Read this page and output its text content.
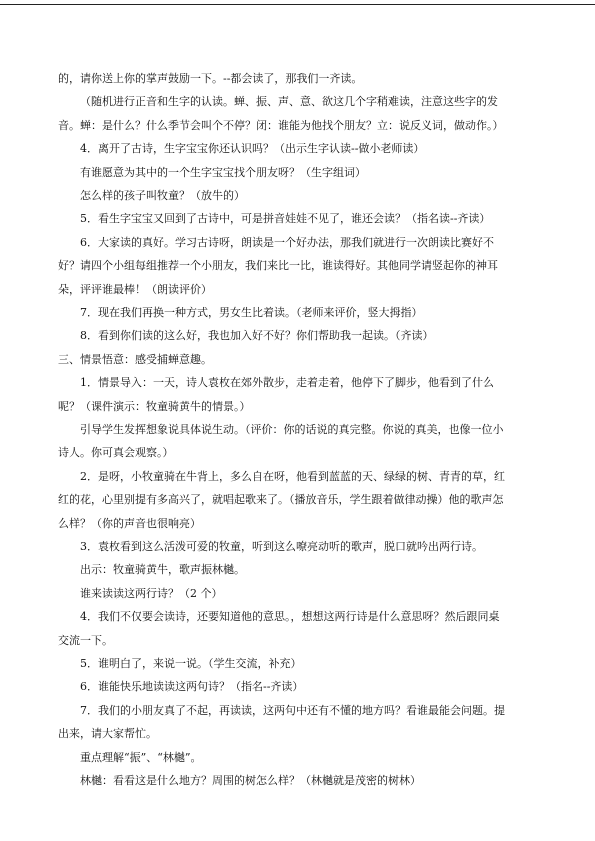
的，请你送上你的掌声鼓励一下。--都会读了，那我们一齐读。
（随机进行正音和生字的认读。蝉、振、声、意、欲这几个字稍难读，注意这些字的发
音。蝉：是什么？什么季节会叫个不停？闭：谁能为他找个朋友？立：说反义词，做动作。）
4．离开了古诗，生字宝宝你还认识吗？（出示生字认读--做小老师读）
有谁愿意为其中的一个生字宝宝找个朋友呀？（生字组词）
怎么样的孩子叫牧童？（放牛的）
5．看生字宝宝又回到了古诗中，可是拼音娃娃不见了，谁还会读？（指名读--齐读）
6．大家读的真好。学习古诗呀，朗读是一个好办法，那我们就进行一次朗读比赛好不
好？请四个小组每组推荐一个小朋友，我们来比一比，谁读得好。其他同学请竖起你的神耳
朵，评评谁最棒！（朗读评价）
7．现在我们再换一种方式，男女生比着读。（老师来评价，竖大拇指）
8．看到你们读的这么好，我也加入好不好？你们帮助我一起读。（齐读）
三、情景悟意：感受捕蝉意趣。
1．情景导入：一天，诗人袁枚在郊外散步，走着走着，他停下了脚步，他看到了什么
呢？（课件演示：牧童骑黄牛的情景。）
引导学生发挥想象说具体说生动。（评价：你的话说的真完整。你说的真美，也像一位小
诗人。你可真会观察。）
2．是呀，小牧童骑在牛背上，多么自在呀，他看到蓝蓝的天、绿绿的树、青青的草，红
红的花，心里别提有多高兴了，就唱起歌来了。（播放音乐，学生跟着做律动操）他的歌声怎
么样？（你的声音也很响亮）
3．袁枚看到这么活泼可爱的牧童，听到这么嘹亮动听的歌声，脱口就吟出两行诗。
出示：牧童骑黄牛，歌声振林樾。
谁来读读这两行诗？（2 个）
4．我们不仅要会读诗，还要知道他的意思。，想想这两行诗是什么意思呀？然后跟同桌
交流一下。
5．谁明白了，来说一说。（学生交流，补充）
6．谁能快乐地读读这两句诗？（指名--齐读）
7．我们的小朋友真了不起，再读读，这两句中还有不懂的地方吗？看谁最能会问题。提
出来，请大家帮忙。
重点理解“振”、“林樾”。
林樾：看看这是什么地方？周围的树怎么样？（林樾就是茂密的树林）
